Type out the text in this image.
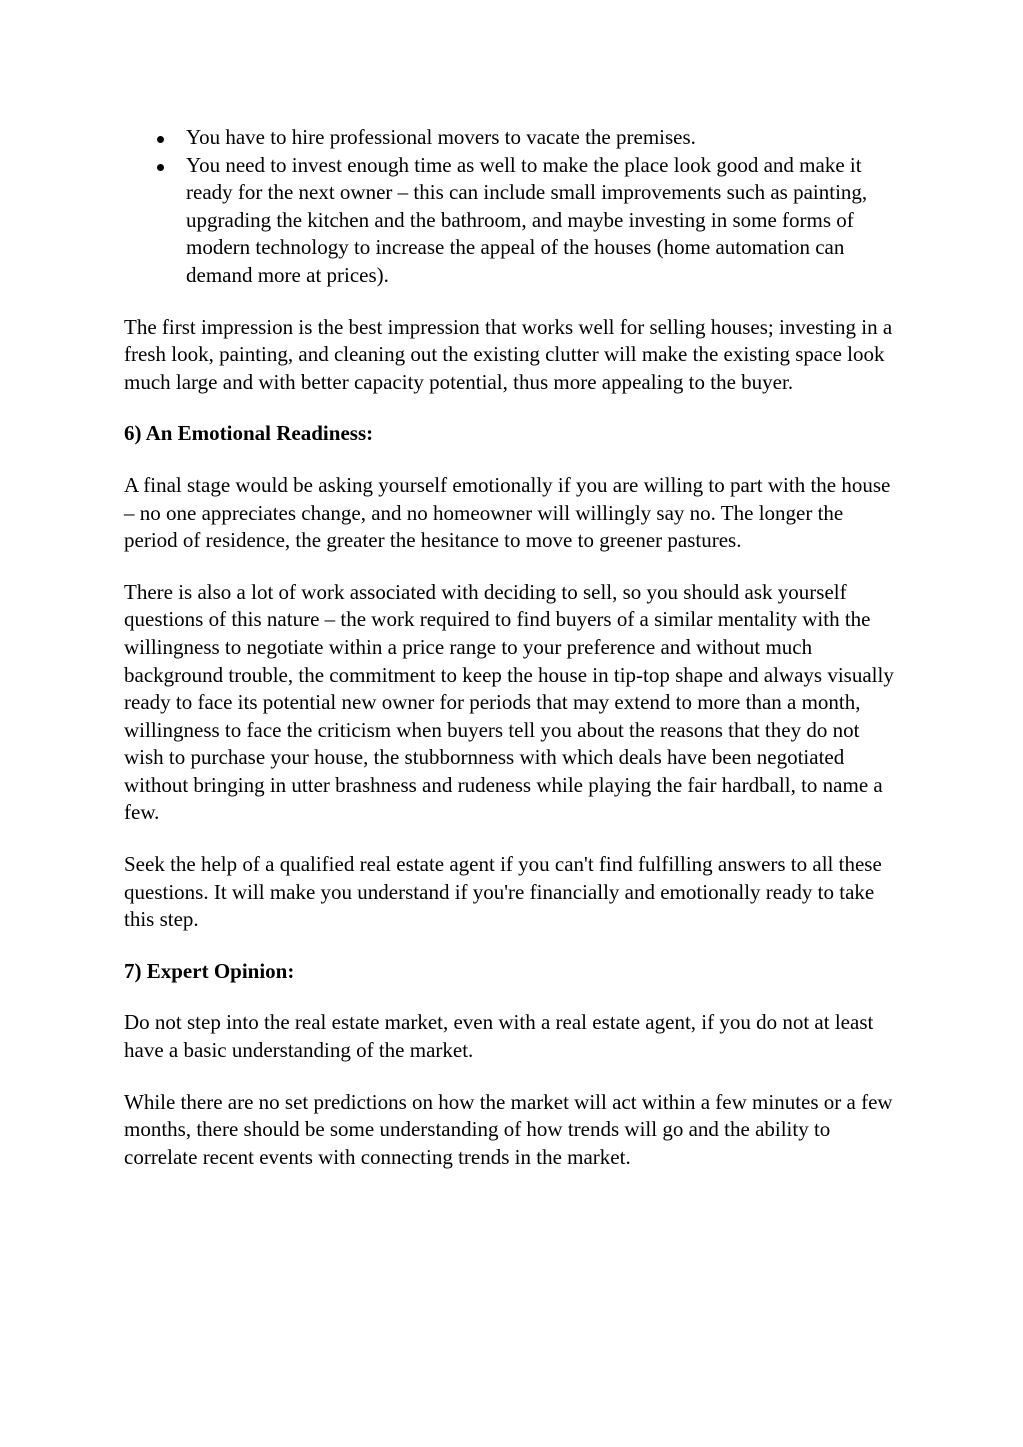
You have to hire professional movers to vacate the premises.
You need to invest enough time as well to make the place look good and make it ready for the next owner – this can include small improvements such as painting, upgrading the kitchen and the bathroom, and maybe investing in some forms of modern technology to increase the appeal of the houses (home automation can demand more at prices).

The first impression is the best impression that works well for selling houses; investing in a fresh look, painting, and cleaning out the existing clutter will make the existing space look much large and with better capacity potential, thus more appealing to the buyer.

6) An Emotional Readiness:

A final stage would be asking yourself emotionally if you are willing to part with the house – no one appreciates change, and no homeowner will willingly say no. The longer the period of residence, the greater the hesitance to move to greener pastures.

There is also a lot of work associated with deciding to sell, so you should ask yourself questions of this nature – the work required to find buyers of a similar mentality with the willingness to negotiate within a price range to your preference and without much background trouble, the commitment to keep the house in tip-top shape and always visually ready to face its potential new owner for periods that may extend to more than a month, willingness to face the criticism when buyers tell you about the reasons that they do not wish to purchase your house, the stubbornness with which deals have been negotiated without bringing in utter brashness and rudeness while playing the fair hardball, to name a few.

Seek the help of a qualified real estate agent if you can't find fulfilling answers to all these questions. It will make you understand if you're financially and emotionally ready to take this step.

7) Expert Opinion:

Do not step into the real estate market, even with a real estate agent, if you do not at least have a basic understanding of the market.

While there are no set predictions on how the market will act within a few minutes or a few months, there should be some understanding of how trends will go and the ability to correlate recent events with connecting trends in the market.
